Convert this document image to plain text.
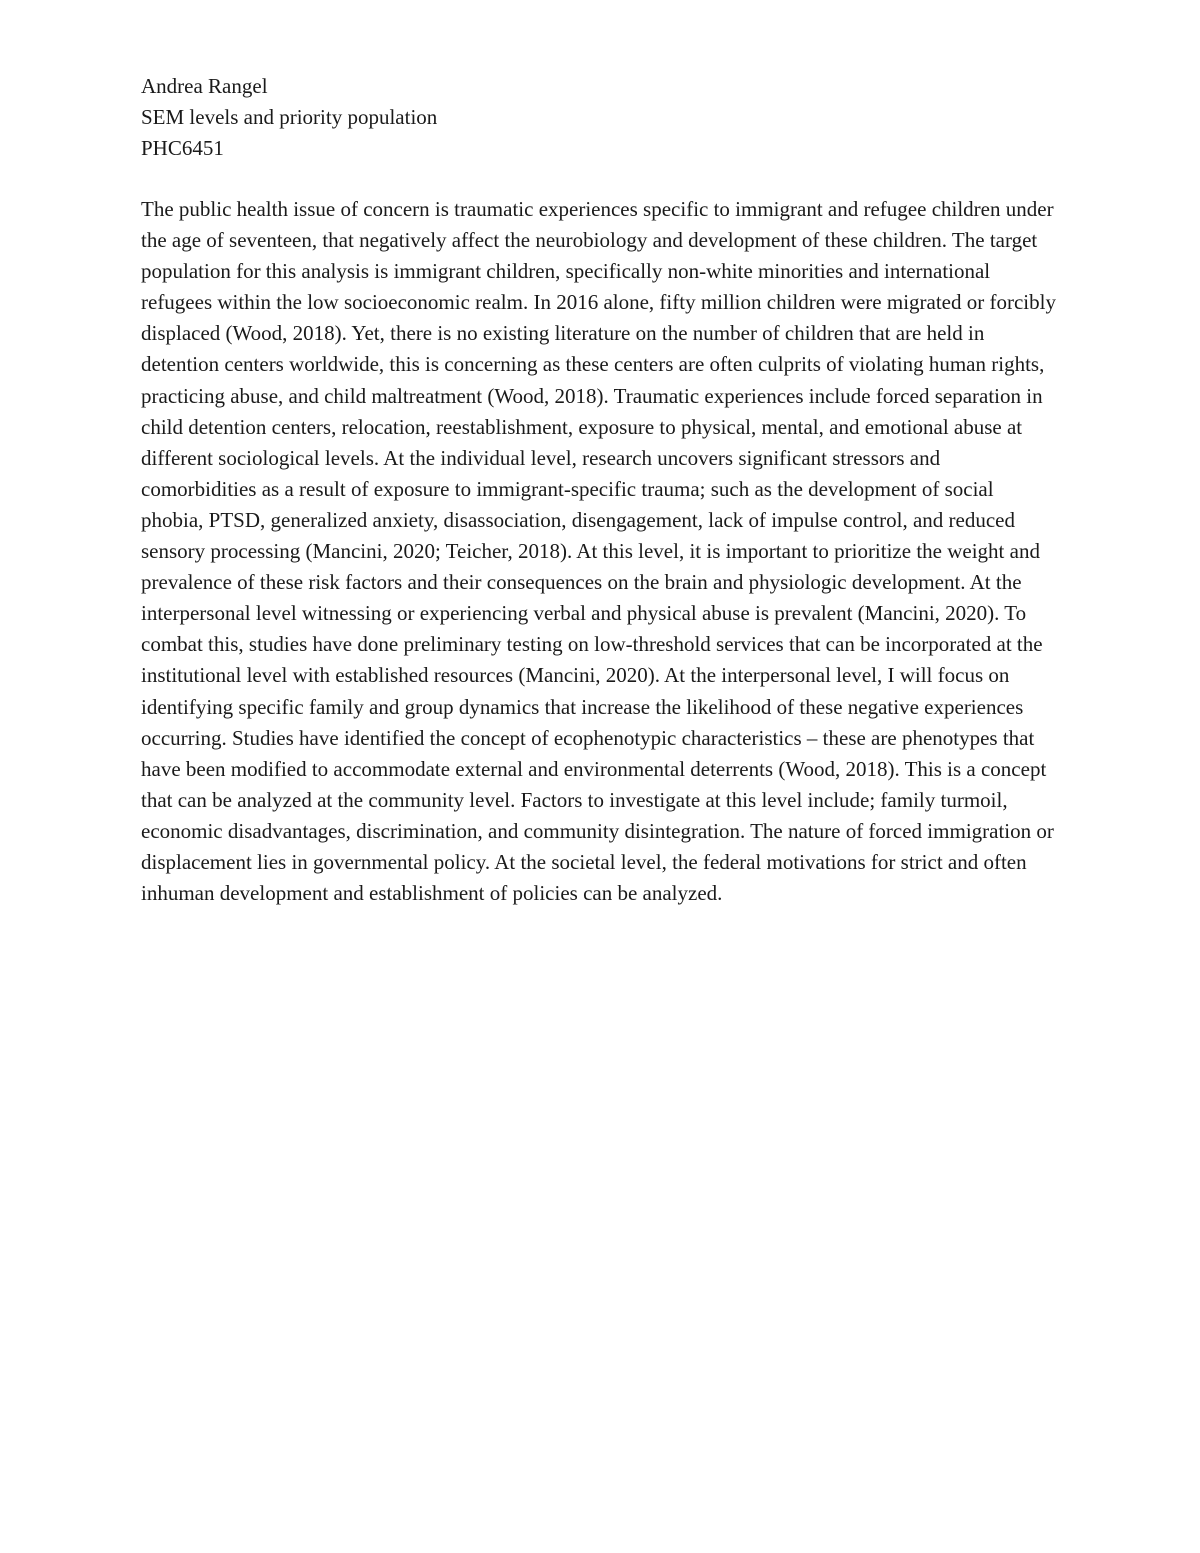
Andrea Rangel
SEM levels and priority population
PHC6451

The public health issue of concern is traumatic experiences specific to immigrant and refugee children under the age of seventeen, that negatively affect the neurobiology and development of these children. The target population for this analysis is immigrant children, specifically non-white minorities and international refugees within the low socioeconomic realm. In 2016 alone, fifty million children were migrated or forcibly displaced (Wood, 2018). Yet, there is no existing literature on the number of children that are held in detention centers worldwide, this is concerning as these centers are often culprits of violating human rights, practicing abuse, and child maltreatment (Wood, 2018). Traumatic experiences include forced separation in child detention centers, relocation, reestablishment, exposure to physical, mental, and emotional abuse at different sociological levels. At the individual level, research uncovers significant stressors and comorbidities as a result of exposure to immigrant-specific trauma; such as the development of social phobia, PTSD, generalized anxiety, disassociation, disengagement, lack of impulse control, and reduced sensory processing (Mancini, 2020; Teicher, 2018). At this level, it is important to prioritize the weight and prevalence of these risk factors and their consequences on the brain and physiologic development. At the interpersonal level witnessing or experiencing verbal and physical abuse is prevalent (Mancini, 2020). To combat this, studies have done preliminary testing on low-threshold services that can be incorporated at the institutional level with established resources (Mancini, 2020). At the interpersonal level, I will focus on identifying specific family and group dynamics that increase the likelihood of these negative experiences occurring. Studies have identified the concept of ecophenotypic characteristics – these are phenotypes that have been modified to accommodate external and environmental deterrents (Wood, 2018). This is a concept that can be analyzed at the community level. Factors to investigate at this level include; family turmoil, economic disadvantages, discrimination, and community disintegration. The nature of forced immigration or displacement lies in governmental policy. At the societal level, the federal motivations for strict and often inhuman development and establishment of policies can be analyzed.
